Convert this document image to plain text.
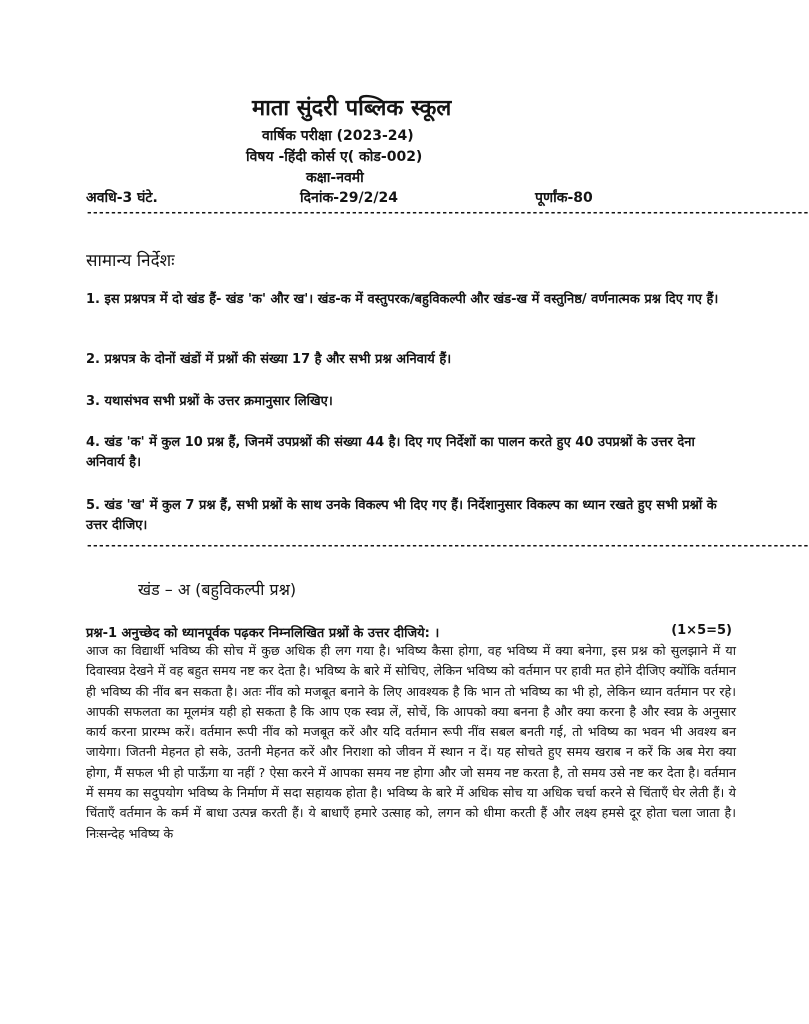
माता सुंदरी पब्लिक स्कूल
वार्षिक परीक्षा (2023-24)
विषय -हिंदी कोर्स ए( कोड-002)
कक्षा-नवमी
अवधि-3 घंटे.	दिनांक-29/2/24	पूर्णांक-80
------------------------------------------------------------------------------------------------------------------------
सामान्य निर्देशः
1. इस प्रश्नपत्र में दो खंड हैं- खंड 'क' और ख'। खंड-क में वस्तुपरक/बहुविकल्पी और खंड-ख में वस्तुनिष्ठ/ वर्णनात्मक प्रश्न दिए गए हैं।
2. प्रश्नपत्र के दोनों खंडों में प्रश्नों की संख्या 17 है और सभी प्रश्न अनिवार्य हैं।
3. यथासंभव सभी प्रश्नों के उत्तर क्रमानुसार लिखिए।
4. खंड 'क' में कुल 10 प्रश्न हैं, जिनमें उपप्रश्नों की संख्या 44 है। दिए गए निर्देशों का पालन करते हुए 40 उपप्रश्नों के उत्तर देना अनिवार्य है।
5. खंड 'ख' में कुल 7 प्रश्न हैं, सभी प्रश्नों के साथ उनके विकल्प भी दिए गए हैं। निर्देशानुसार विकल्प का ध्यान रखते हुए सभी प्रश्नों के उत्तर दीजिए।
------------------------------------------------------------------------------------------------------------------------
खंड – अ (बहुविकल्पी प्रश्न)
प्रश्न-1 अनुच्छेद को ध्यानपूर्वक पढ़कर निम्नलिखित प्रश्नों के उत्तर दीजिये: ।	(1×5=5)
आज का विद्यार्थी भविष्य की सोच में कुछ अधिक ही लग गया है। भविष्य कैसा होगा, वह भविष्य में क्या बनेगा, इस प्रश्न को सुलझाने में या दिवास्वप्न देखने में वह बहुत समय नष्ट कर देता है। भविष्य के बारे में सोचिए, लेकिन भविष्य को वर्तमान पर हावी मत होने दीजिए क्योंकि वर्तमान ही भविष्य की नींव बन सकता है। अतः नींव को मजबूत बनाने के लिए आवश्यक है कि भान तो भविष्य का भी हो, लेकिन ध्यान वर्तमान पर रहे। आपकी सफलता का मूलमंत्र यही हो सकता है कि आप एक स्वप्न लें, सोचें, कि आपको क्या बनना है और क्या करना है और स्वप्न के अनुसार कार्य करना प्रारम्भ करें। वर्तमान रूपी नींव को मजबूत करें और यदि वर्तमान रूपी नींव सबल बनती गई, तो भविष्य का भवन भी अवश्य बन जायेगा। जितनी मेहनत हो सके, उतनी मेहनत करें और निराशा को जीवन में स्थान न दें। यह सोचते हुए समय खराब न करें कि अब मेरा क्या होगा, मैं सफल भी हो पाऊँगा या नहीं ? ऐसा करने में आपका समय नष्ट होगा और जो समय नष्ट करता है, तो समय उसे नष्ट कर देता है। वर्तमान में समय का सदुपयोग भविष्य के निर्माण में सदा सहायक होता है। भविष्य के बारे में अधिक सोच या अधिक चर्चा करने से चिंताएँ घेर लेती हैं। ये चिंताएँ वर्तमान के कर्म में बाधा उत्पन्न करती हैं। ये बाधाएँ हमारे उत्साह को, लगन को धीमा करती हैं और लक्ष्य हमसे दूर होता चला जाता है। निःसन्देह भविष्य के
